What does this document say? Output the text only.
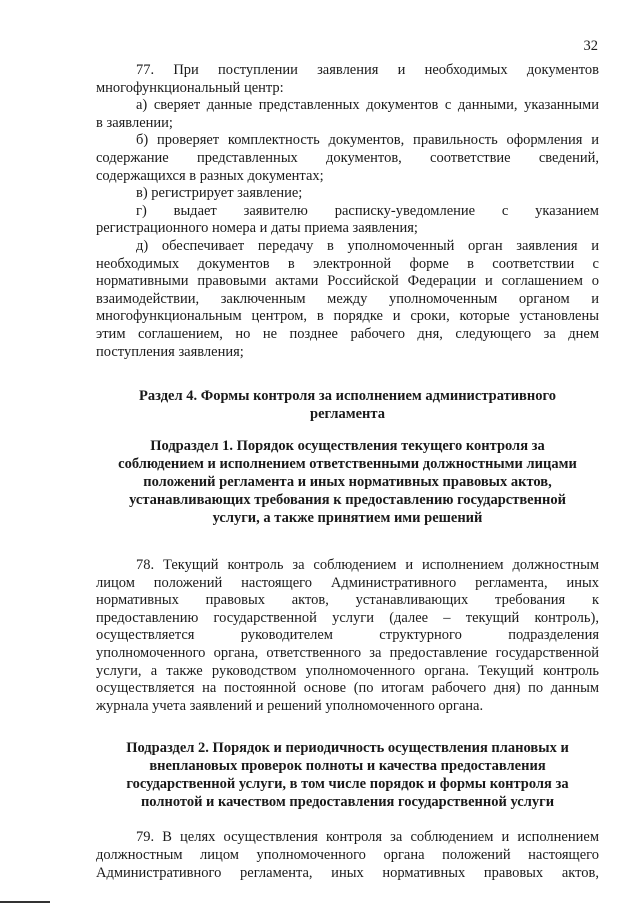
32

77. При поступлении заявления и необходимых документов

многофункциональный центр:

а) сверяет данные представленных документов с данными, указанными

в заявлении;

б) проверяет комплектность документов, правильность оформления и

содержание представленных документов, соответствие сведений,

содержащихся в разных документах;

в) регистрирует заявление;

г) выдает заявителю расписку-уведомление с указанием

регистрационного номера и даты приема заявления;

д) обеспечивает передачу в уполномоченный орган заявления и

необходимых документов в электронной форме в соответствии с

нормативными правовыми актами Российской Федерации и соглашением о

взаимодействии, заключенным между уполномоченным органом и

многофункциональным центром, в порядке и сроки, которые установлены

этим соглашением, но не позднее рабочего дня, следующего за днем

поступления заявления;

Раздел 4. Формы контроля за исполнением административного

регламента

Подраздел 1. Порядок осуществления текущего контроля за

соблюдением и исполнением ответственными должностными лицами

положений регламента и иных нормативных правовых актов,

устанавливающих требования к предоставлению государственной

услуги, а также принятием ими решений

78. Текущий контроль за соблюдением и исполнением должностным

лицом положений настоящего Административного регламента, иных

нормативных правовых актов, устанавливающих требования к

предоставлению государственной услуги (далее – текущий контроль),

осуществляется руководителем структурного подразделения

уполномоченного органа, ответственного за предоставление государственной

услуги, а также руководством уполномоченного органа. Текущий контроль

осуществляется на постоянной основе (по итогам рабочего дня) по данным

журнала учета заявлений и решений уполномоченного органа.

Подраздел 2. Порядок и периодичность осуществления плановых и

внеплановых проверок полноты и качества предоставления

государственной услуги, в том числе порядок и формы контроля за

полнотой и качеством предоставления государственной услуги

79. В целях осуществления контроля за соблюдением и исполнением

должностным лицом уполномоченного органа положений настоящего

Административного регламента, иных нормативных правовых актов,
